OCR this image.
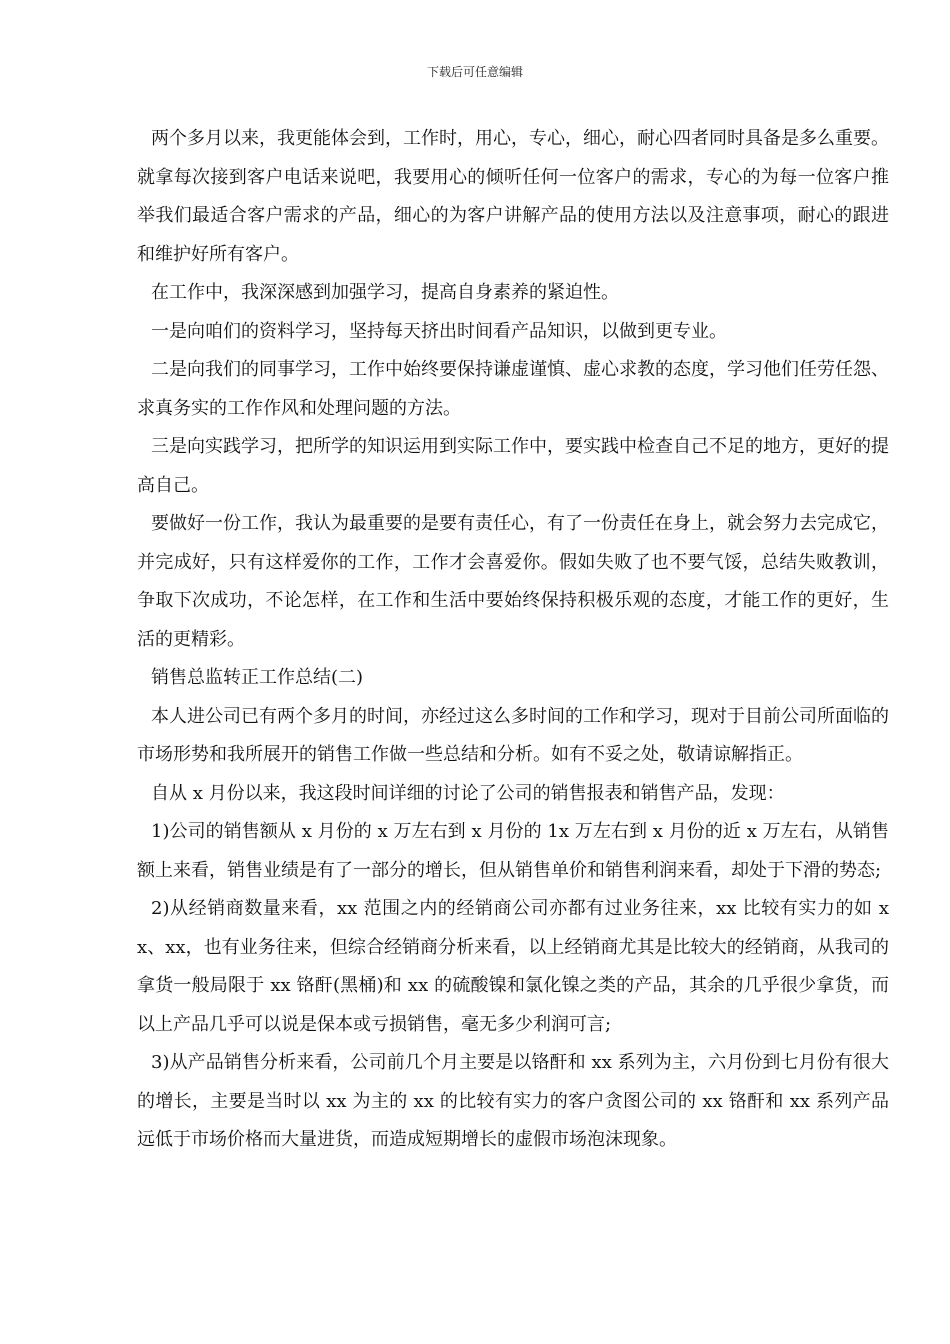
下载后可任意编辑

两个多月以来，我更能体会到，工作时，用心，专心，细心，耐心四者同时具备是多么重要。就拿每次接到客户电话来说吧，我要用心的倾听任何一位客户的需求，专心的为每一位客户推举我们最适合客户需求的产品，细心的为客户讲解产品的使用方法以及注意事项，耐心的跟进和维护好所有客户。

在工作中，我深深感到加强学习，提高自身素养的紧迫性。

一是向咱们的资料学习，坚持每天挤出时间看产品知识，以做到更专业。

二是向我们的同事学习，工作中始终要保持谦虚谨慎、虚心求教的态度，学习他们任劳任怨、求真务实的工作作风和处理问题的方法。

三是向实践学习，把所学的知识运用到实际工作中，要实践中检查自己不足的地方，更好的提高自己。

要做好一份工作，我认为最重要的是要有责任心，有了一份责任在身上，就会努力去完成它，并完成好，只有这样爱你的工作，工作才会喜爱你。假如失败了也不要气馁，总结失败教训，争取下次成功，不论怎样，在工作和生活中要始终保持积极乐观的态度，才能工作的更好，生活的更精彩。

销售总监转正工作总结(二)

本人进公司已有两个多月的时间，亦经过这么多时间的工作和学习，现对于目前公司所面临的市场形势和我所展开的销售工作做一些总结和分析。如有不妥之处，敬请谅解指正。

自从 x 月份以来，我这段时间详细的讨论了公司的销售报表和销售产品，发现：

1)公司的销售额从 x 月份的 x 万左右到 x 月份的 1x 万左右到 x 月份的近 x 万左右，从销售额上来看，销售业绩是有了一部分的增长，但从销售单价和销售利润来看，却处于下滑的势态;

2)从经销商数量来看，xx 范围之内的经销商公司亦都有过业务往来，xx 比较有实力的如 xx、xx，也有业务往来，但综合经销商分析来看，以上经销商尤其是比较大的经销商，从我司的拿货一般局限于 xx 铬酐(黑桶)和 xx 的硫酸镍和氯化镍之类的产品，其余的几乎很少拿货，而以上产品几乎可以说是保本或亏损销售，毫无多少利润可言;

3)从产品销售分析来看，公司前几个月主要是以铬酐和 xx 系列为主，六月份到七月份有很大的增长，主要是当时以 xx 为主的 xx 的比较有实力的客户贪图公司的 xx 铬酐和 xx 系列产品远低于市场价格而大量进货，而造成短期增长的虚假市场泡沫现象。
